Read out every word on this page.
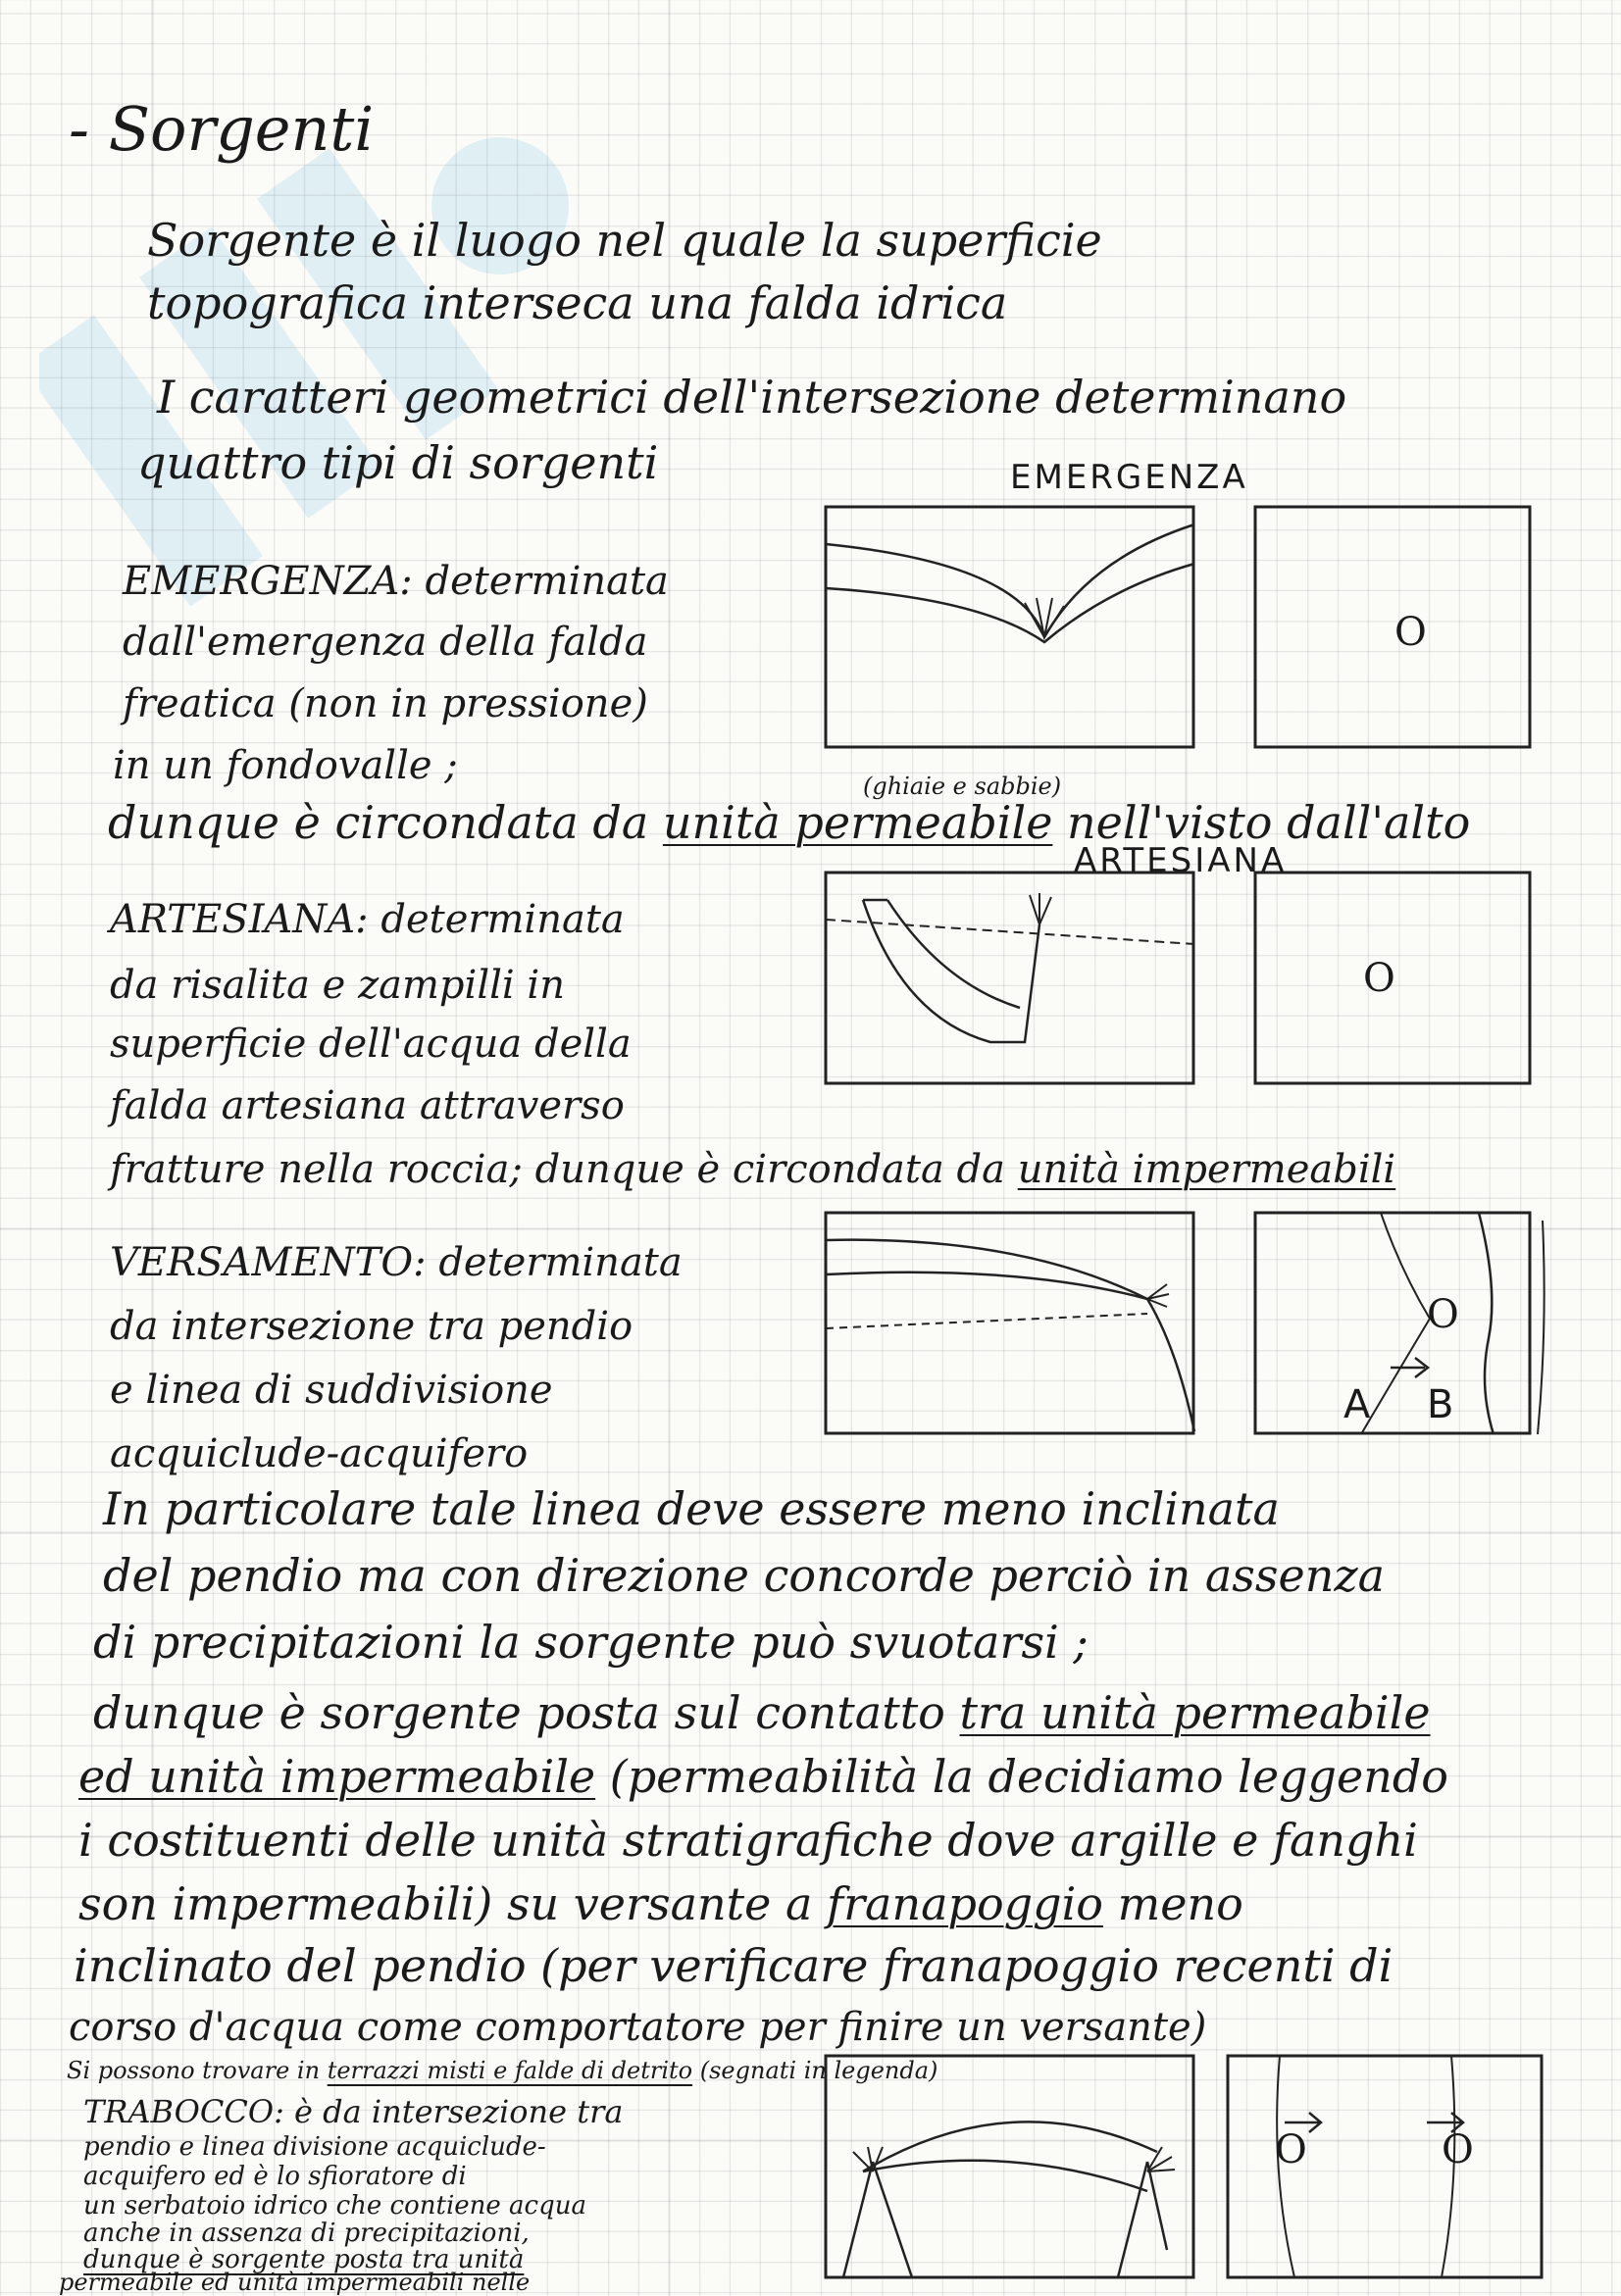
- Sorgenti
Sorgente è il luogo nel quale la superficie
topografica interseca una falda idrica
I caratteri geometrici dell'intersezione determinano
quattro tipi di sorgenti	EMERGENZA
EMERGENZA: determinata
dall'emergenza della falda
freatica (non in pressione)
in un fondovalle ;	(ghiaie e sabbie)
dunque è circondata da unità permeabile nell'visto dall'alto
O
ARTESIANA
ARTESIANA: determinata
da risalita e zampilli in
superficie dell'acqua della
falda artesiana attraverso
fratture nella roccia; dunque è circondata da unità impermeabili
O
VERSAMENTO: determinata
da intersezione tra pendio
e linea di suddivisione
acquiclude-acquifero
O
A B
In particolare tale linea deve essere meno inclinata
del pendio ma con direzione concorde perciò in assenza
di precipitazioni la sorgente può svuotarsi ;
dunque è sorgente posta sul contatto tra unità permeabile
ed unità impermeabile (permeabilità la decidiamo leggendo
i costituenti delle unità stratigrafiche dove argille e fanghi
son impermeabili) su versante a franapoggio meno
inclinato del pendio (per verificare franapoggio recenti di
corso d'acqua come comportatore per finire un versante)
Si possono trovare in terrazzi misti e falde di detrito (segnati in legenda)
TRABOCCO: è da intersezione tra
pendio e linea divisione acquiclude-
acquifero ed è lo sfioratore di
un serbatoio idrico che contiene acqua
anche in assenza di precipitazioni,
dunque è sorgente posta tra unità
permeabile ed unità impermeabili nelle
O	O
